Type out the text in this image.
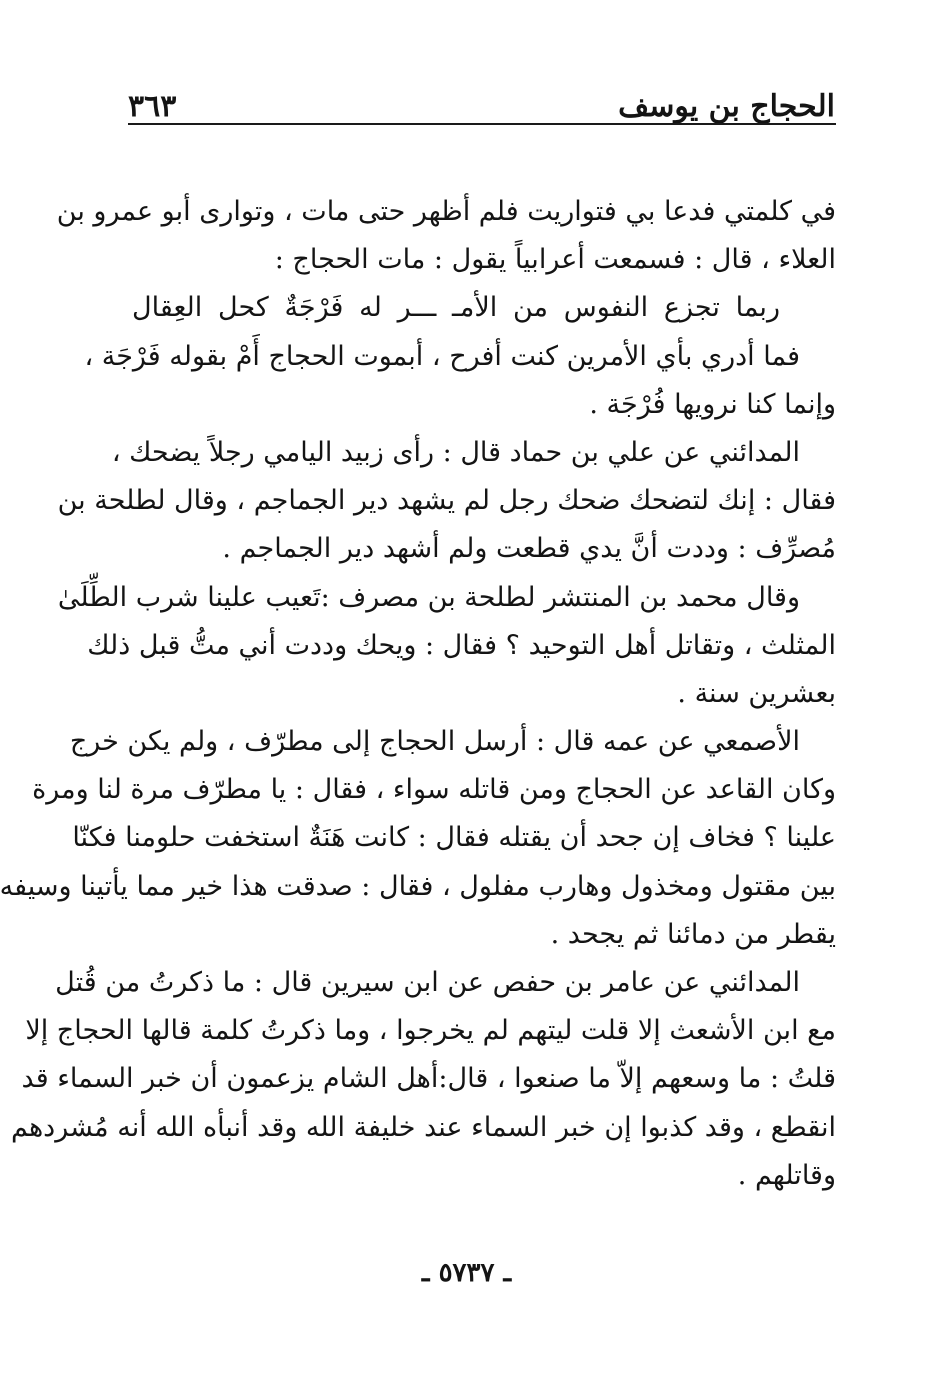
الحجاج بن يوسف
٣٦٣
في كلمتي فدعا بي فتواريت فلم أظهر حتى مات ، وتوارى أبو عمرو بن
العلاء ، قال : فسمعت أعرابياً يقول : مات الحجاج :
ربما تجزع النفوس من الأمـ ـــر له فَرْجَةٌ كحل العِقال
فما أدري بأي الأمرين كنت أفرح ، أبموت الحجاج أَمْ بقوله فَرْجَة ،
وإنما كنا نرويها فُرْجَة .
المدائني عن علي بن حماد قال : رأى زبيد اليامي رجلاً يضحك ،
فقال : إنك لتضحك ضحك رجل لم يشهد دير الجماجم ، وقال لطلحة بن
مُصرِّف : وددت أنَّ يدي قطعت ولم أشهد دير الجماجم .
وقال محمد بن المنتشر لطلحة بن مصرف :تَعيب علينا شرب الطِّلَىٰ
المثلث ، وتقاتل أهل التوحيد ؟ فقال : ويحك وددت أني متُّ قبل ذلك
بعشرين سنة .
الأصمعي عن عمه قال : أرسل الحجاج إلى مطرّف ، ولم يكن خرج
وكان القاعد عن الحجاج ومن قاتله سواء ، فقال : يا مطرّف مرة لنا ومرة
علينا ؟ فخاف إن جحد أن يقتله فقال : كانت هَنَةٌ استخفت حلومنا فكنّا
بين مقتول ومخذول وهارب مفلول ، فقال : صدقت هذا خير مما يأتينا وسيفه
يقطر من دمائنا ثم يجحد .
المدائني عن عامر بن حفص عن ابن سيرين قال : ما ذكرتُ من قُتل
مع ابن الأشعث إلا قلت ليتهم لم يخرجوا ، وما ذكرتُ كلمة قالها الحجاج إلا
قلتُ : ما وسعهم إلاّ ما صنعوا ، قال:أهل الشام يزعمون أن خبر السماء قد
انقطع ، وقد كذبوا إن خبر السماء عند خليفة الله وقد أنبأه الله أنه مُشردهم
وقاتلهم .
ـ ٥٧٣٧ ـ
